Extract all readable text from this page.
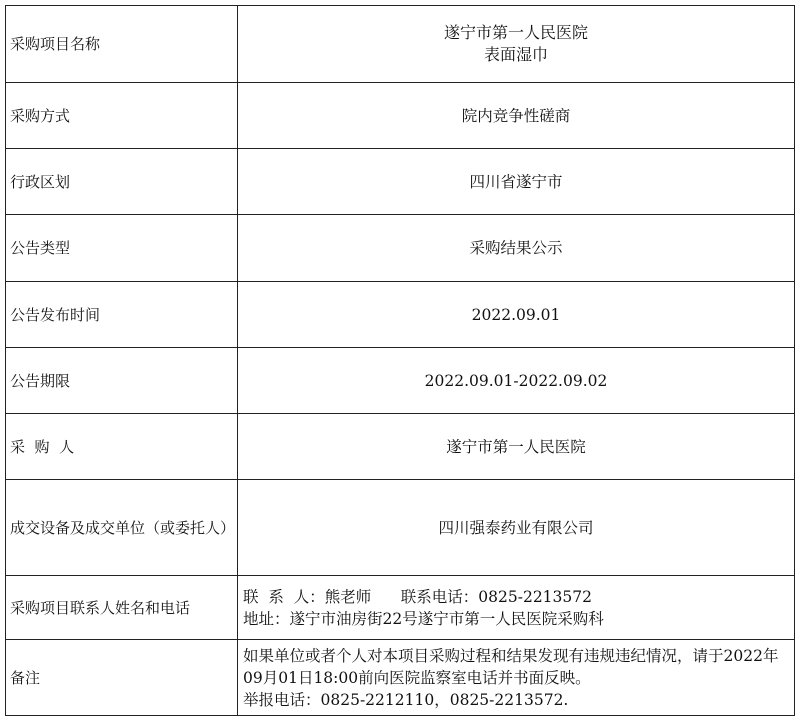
采购项目名称	遂宁市第一人民医院
表面湿巾

采购方式	院内竞争性磋商
行政区划	四川省遂宁市
公告类型	采购结果公示
公告发布时间	2022.09.01
公告期限	2022.09.01-2022.09.02
采  购  人	遂宁市第一人民医院

成交设备及成交单位（或委托人）	四川强泰药业有限公司
采购项目联系人姓名和电话	联  系  人：熊老师      联系电话：0825-2213572
地址：遂宁市油房街22号遂宁市第一人民医院采购科

备注	如果单位或者个人对本项目采购过程和结果发现有违规违纪情况，请于2022年09月01日18:00前向医院监察室电话并书面反映。
举报电话：0825-2212110，0825-2213572.
